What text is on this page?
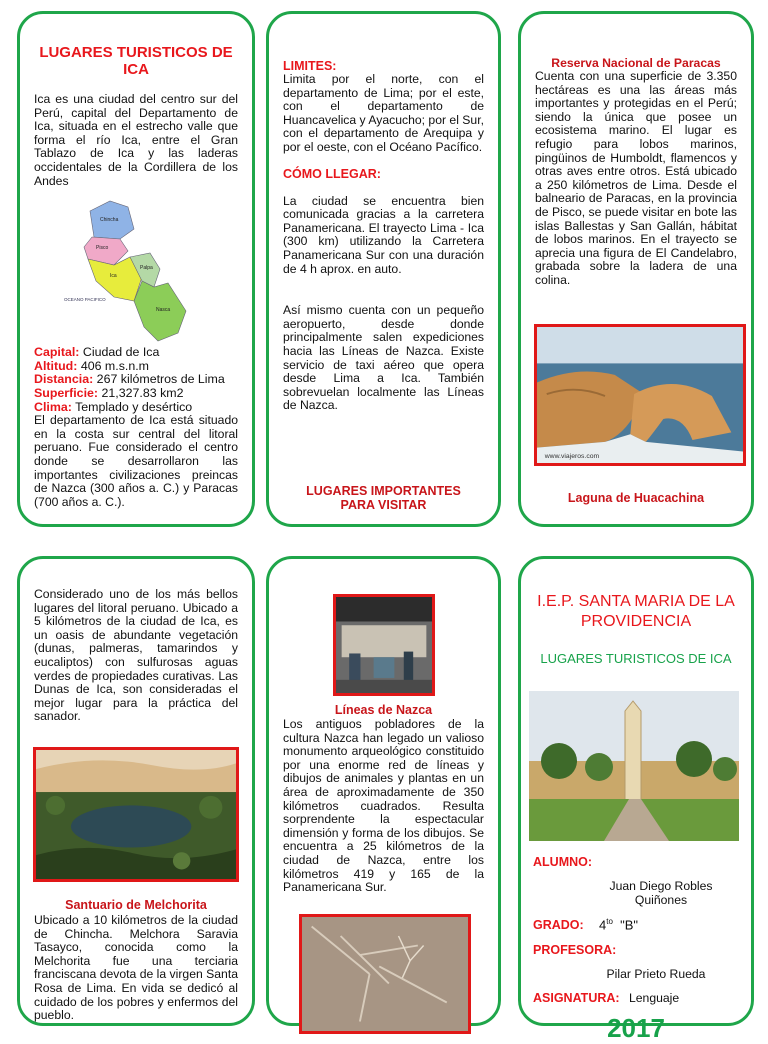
LUGARES TURISTICOS DE ICA
Ica es una ciudad del centro sur del Perú, capital del Departamento de Ica, situada en el estrecho valle que forma el río Ica, entre el Gran Tablazo de Ica y las laderas occidentales de la Cordillera de los Andes
Chincha
Pisco
Ica
Palpa
Nasca
OCEANO PACIFICO
Capital: Ciudad de Ica
Altitud: 406 m.s.n.m
Distancia: 267 kilómetros de Lima
Superficie: 21,327.83 km2
Clima: Templado y desértico
El departamento de Ica está situado en la costa sur central del litoral peruano. Fue considerado el centro donde se desarrollaron las importantes civilizaciones preincas de Nazca (300 años a. C.) y Paracas (700 años a. C.).
LIMITES:
Limita por el norte, con el departamento de Lima; por el este, con el departamento de Huancavelica y Ayacucho; por el Sur, con el departamento de Arequipa y por el oeste, con el Océano Pacífico.
CÓMO LLEGAR:
La ciudad se encuentra bien comunicada gracias a la carretera Panamericana. El trayecto Lima - Ica (300 km) utilizando la Carretera Panamericana Sur con una duración de 4 h aprox. en auto.
Así mismo cuenta con un pequeño aeropuerto, desde donde principalmente salen expediciones hacia las Líneas de Nazca. Existe servicio de taxi aéreo que opera desde Lima a Ica. También sobrevuelan localmente las Líneas de Nazca.
LUGARES IMPORTANTES PARA VISITAR
Reserva Nacional de Paracas
Cuenta con una superficie de 3.350 hectáreas es una las áreas más importantes y protegidas en el Perú; siendo la única que posee un ecosistema marino. El lugar es refugio para lobos marinos, pingüinos de Humboldt, flamencos y otras aves entre otros. Está ubicado a 250 kilómetros de Lima. Desde el balneario de Paracas, en la provincia de Pisco, se puede visitar en bote las islas Ballestas y San Gallán, hábitat de lobos marinos. En el trayecto se aprecia una figura de El Candelabro, grabada sobre la ladera de una colina.
www.viajeros.com
Laguna de Huacachina
Considerado uno de los más bellos lugares del litoral peruano. Ubicado a 5 kilómetros de la ciudad de Ica, es un oasis de abundante vegetación (dunas, palmeras, tamarindos y eucaliptos) con sulfurosas aguas verdes de propiedades curativas. Las Dunas de Ica, son consideradas el mejor lugar para la práctica del sanador.
Santuario de Melchorita
Ubicado a 10 kilómetros de la ciudad de Chincha. Melchora Saravia Tasayco, conocida como la Melchorita fue una terciaria franciscana devota de la virgen Santa Rosa de Lima. En vida se dedicó al cuidado de los pobres y enfermos del pueblo.
Líneas de Nazca
Los antiguos pobladores de la cultura Nazca han legado un valioso monumento arqueológico constituido por una enorme red de líneas y dibujos de animales y plantas en un área de aproximadamente de 350 kilómetros cuadrados. Resulta sorprendente la espectacular dimensión y forma de los dibujos. Se encuentra a 25 kilómetros de la ciudad de Nazca, entre los kilómetros 419 y 165 de la Panamericana Sur.
I.E.P. SANTA MARIA DE LA PROVIDENCIA
LUGARES TURISTICOS DE ICA
ALUMNO:
Juan Diego Robles Quiñones
GRADO: $4^{to}$ "B"
PROFESORA:
Pilar Prieto Rueda
ASIGNATURA: Lenguaje
2017
